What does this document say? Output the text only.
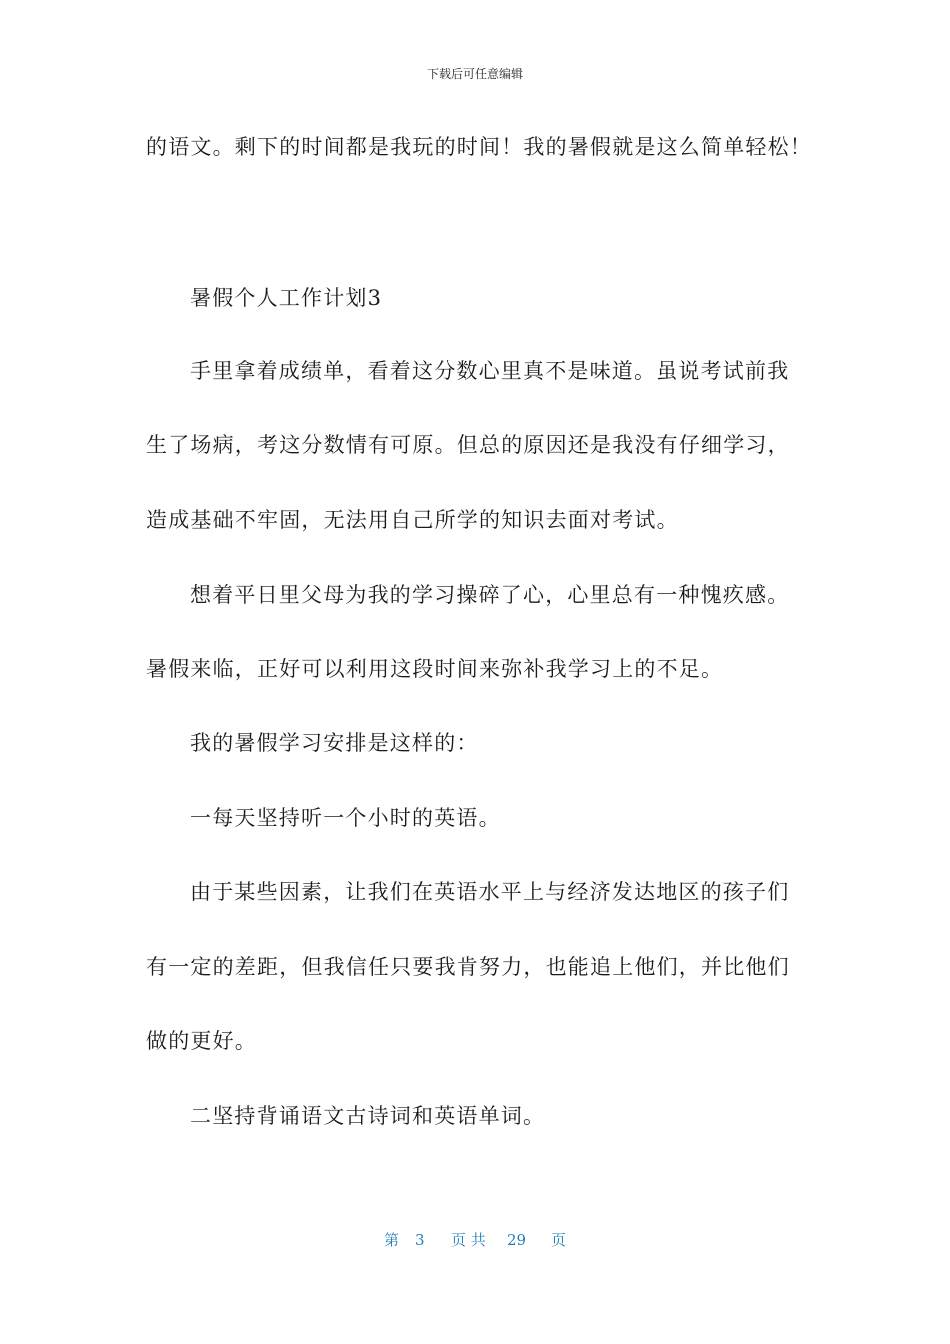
下载后可任意编辑
的语文。剩下的时间都是我玩的时间！我的暑假就是这么简单轻松！
暑假个人工作计划3
手里拿着成绩单，看着这分数心里真不是味道。虽说考试前我
生了场病，考这分数情有可原。但总的原因还是我没有仔细学习，
造成基础不牢固，无法用自己所学的知识去面对考试。
想着平日里父母为我的学习操碎了心，心里总有一种愧疚感。
暑假来临，正好可以利用这段时间来弥补我学习上的不足。
我的暑假学习安排是这样的：
一每天坚持听一个小时的英语。
由于某些因素，让我们在英语水平上与经济发达地区的孩子们
有一定的差距，但我信任只要我肯努力，也能追上他们，并比他们
做的更好。
二坚持背诵语文古诗词和英语单词。
第 3 页 共 29 页
